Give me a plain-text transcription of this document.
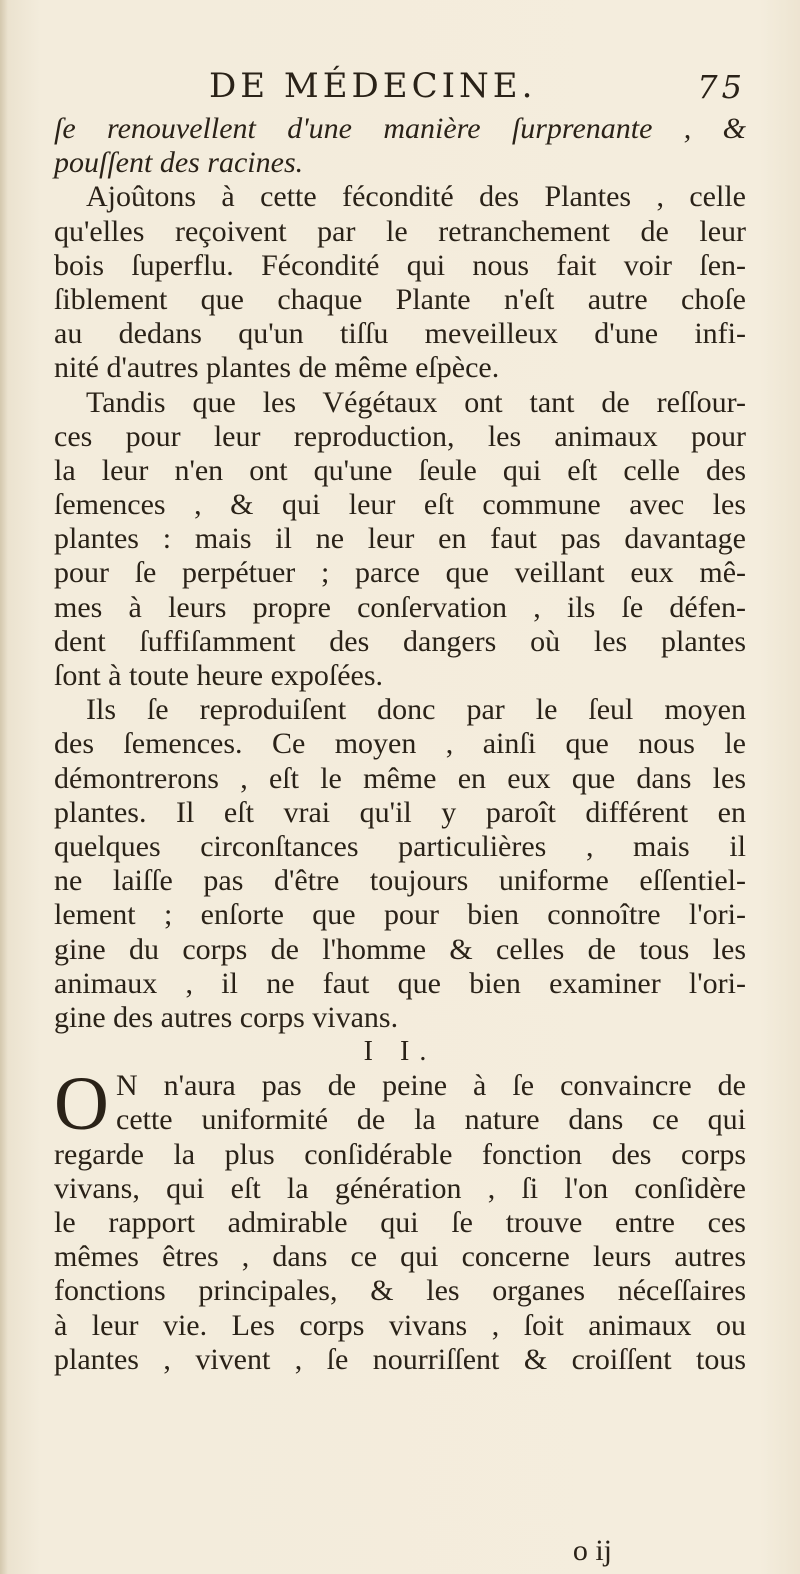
DE MÉDECINE.	75
ſe renouvellent d'une manière ſurprenante , &
pouſſent des racines.
Ajoûtons à cette fécondité des Plantes , celle
qu'elles reçoivent par le retranchement de leur
bois ſuperflu. Fécondité qui nous fait voir ſen-
ſiblement que chaque Plante n'eſt autre choſe
au dedans qu'un tiſſu meveilleux d'une infi-
nité d'autres plantes de même eſpèce.
Tandis que les Végétaux ont tant de reſſour-
ces pour leur reproduction, les animaux pour
la leur n'en ont qu'une ſeule qui eſt celle des
ſemences , & qui leur eſt commune avec les
plantes : mais il ne leur en faut pas davantage
pour ſe perpétuer ; parce que veillant eux mê-
mes à leurs propre conſervation , ils ſe défen-
dent ſuffiſamment des dangers où les plantes
ſont à toute heure expoſées.
Ils ſe reproduiſent donc par le ſeul moyen
des ſemences. Ce moyen , ainſi que nous le
démontrerons , eſt le même en eux que dans les
plantes. Il eſt vrai qu'il y paroît différent en
quelques circonſtances particulières , mais il
ne laiſſe pas d'être toujours uniforme eſſentiel-
lement ; enſorte que pour bien connoître l'ori-
gine du corps de l'homme & celles de tous les
animaux , il ne faut que bien examiner l'ori-
gine des autres corps vivans.
I I.
O N n'aura pas de peine à ſe convaincre de
cette uniformité de la nature dans ce qui
regarde la plus conſidérable fonction des corps
vivans, qui eſt la génération , ſi l'on conſidère
le rapport admirable qui ſe trouve entre ces
mêmes êtres , dans ce qui concerne leurs autres
fonctions principales, & les organes néceſſaires
à leur vie. Les corps vivans , ſoit animaux ou
plantes , vivent , ſe nourriſſent & croiſſent tous
o ij
